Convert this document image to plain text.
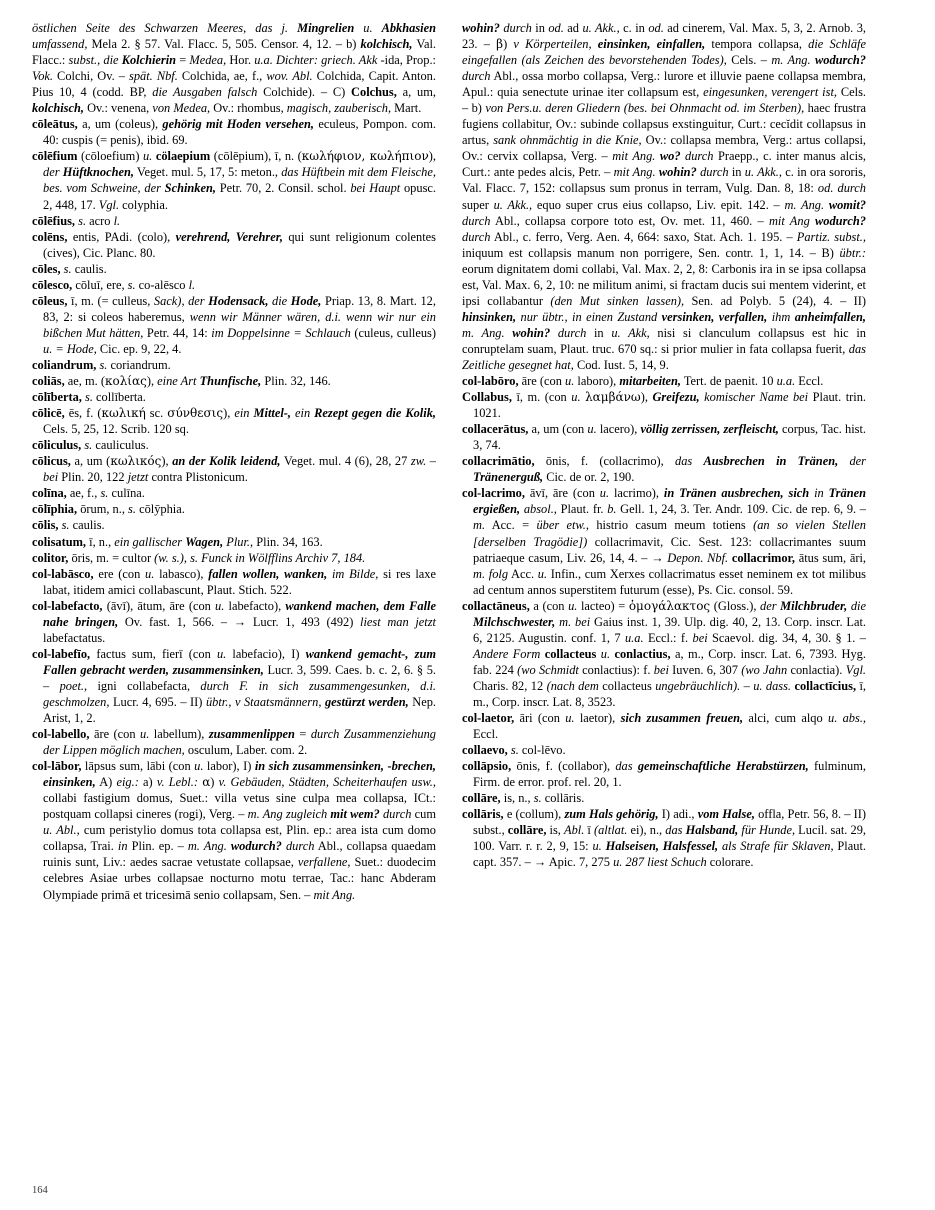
östlichen Seite des Schwarzen Meeres, das j. Mingrelien u. Abkhasien umfassend, Mela 2. § 57. Val. Flacc. 5, 505. Censor. 4, 12. – b) kolchisch, Val. Flacc.: subst., die Kolchierin = Medea, Hor. u.a. Dichter: griech. Akk -ida, Prop.: Vok. Colchi, Ov. – spät. Nbf. Colchida, ae, f., wov. Abl. Colchida, Capit. Anton. Pius 10, 4 (codd. BP, die Ausgaben falsch Colchide). – C) Colchus, a, um, kolchisch, Ov.: venena, von Medea, Ov.: rhombus, magisch, zauberisch, Mart.

cōleātus, a, um (coleus), gehörig mit Hoden versehen, eculeus, Pompon. com. 40: cuspis (= penis), ibid. 69.

cōlēfium (cōloefium) u. cölaepium (cōlēpium), ī, n. (κωλήφιον, κωλήπιον), der Hüftknochen, Veget. mul. 5, 17, 5: meton., das Hüftbein mit dem Fleische, bes. vom Schweine, der Schinken, Petr. 70, 2. Consil. schol. bei Haupt opusc. 2, 448, 17. Vgl. colyphia.

cōlēfius, s. acro l.

colēns, entis, PAdi. (colo), verehrend, Verehrer, qui sunt religionum colentes (cives), Cic. Planc. 80.

cōles, s. caulis.

cōlesco, cōluī, ere, s. co-alēsco l.

cōleus, ī, m. (= culleus, Sack), der Hodensack, die Hode, Priap. 13, 8. Mart. 12, 83, 2: si coleos haberemus, wenn wir Männer wären, d.i. wenn wir nur ein bißchen Mut hätten, Petr. 44, 14: im Doppelsinne = Schlauch (culeus, culleus) u. = Hode, Cic. ep. 9, 22, 4.

coliandrum, s. coriandrum.

coliās, ae, m. (κολίας), eine Art Thunfische, Plin. 32, 146.

cōlīberta, s. collīberta.

cōlicē, ēs, f. (κωλική sc. σύνθεσις), ein Mittel-, ein Rezept gegen die Kolik, Cels. 5, 25, 12. Scrib. 120 sq.

cōliculus, s. cauliculus.

cōlicus, a, um (κωλικός), an der Kolik leidend, Veget. mul. 4 (6), 28, 27 zw. – bei Plin. 20, 122 jetzt contra Plistonicum.

colīna, ae, f., s. culīna.

cōlīphia, ōrum, n., s. cōlȳphia.

cōlis, s. caulis.

colisatum, ī, n., ein gallischer Wagen, Plur., Plin. 34, 163.

colitor, ōris, m. = cultor (w. s.), s. Funck in Wölfflins Archiv 7, 184.

col-labāsco, ere (con u. labasco), fallen wollen, wanken, im Bilde, si res laxe labat, itidem amici collabascunt, Plaut. Stich. 522.

col-labefacto, (āvī), ātum, āre (con u. labefacto), wankend machen, dem Falle nahe bringen, Ov. fast. 1, 566. – → Lucr. 1, 493 (492) liest man jetzt labefactatus.

col-labefīo, factus sum, fierī (con u. labefacio), I) wankend gemacht-, zum Fallen gebracht werden, zusammensinken, Lucr. 3, 599. Caes. b. c. 2, 6. § 5. – poet., igni collabefacta, durch F. in sich zusammengesunken, d.i. geschmolzen, Lucr. 4, 695. – II) übtr., v Staatsmännern, gestürzt werden, Nep. Arist, 1, 2.

col-labello, āre (con u. labellum), zusammenlippen = durch Zusammenziehung der Lippen möglich machen, osculum, Laber. com. 2.

col-lābor, lāpsus sum, lābi (con u. labor), I) in sich zusammensinken, -brechen, einsinken, A) eig.: a) v. Lebl.: α) v. Gebäuden, Städten, Scheiterhaufen usw., collabi fastigium domus, Suet.: villa vetus sine culpa mea collapsa, ICt.: postquam collapsi cineres (rogi), Verg. – m. Ang zugleich mit wem? durch cum u. Abl., cum peristylio domus tota collapsa est, Plin. ep.: area ista cum domo collapsa, Trai. in Plin. ep. – m. Ang. wodurch? durch Abl., collapsa quaedam ruinis sunt, Liv.: aedes sacrae vetustate collapsae, verfallene, Suet.: duodecim celebres Asiae urbes collapsae nocturno motu terrae, Tac.: hanc Abderam Olympiade primā et tricesimā senio collapsam, Sen. – mit Ang.

wohin? durch in od. ad u. Akk., c. in od. ad cinerem, Val. Max. 5, 3, 2. Arnob. 3, 23. – β) v Körperteilen, einsinken, einfallen, tempora collapsa, die Schläfe eingefallen (als Zeichen des bevorstehenden Todes), Cels. – m. Ang. wodurch? durch Abl., ossa morbo collapsa, Verg.: lurore et illuvie paene collapsa membra, Apul.: quia senectute urinae iter collapsum est, eingesunken, verengert ist, Cels. – b) von Pers.u. deren Gliedern (bes. bei Ohnmacht od. im Sterben), haec frustra fugiens collabitur, Ov.: subinde collapsus exstinguitur, Curt.: cecĭdit collapsus in artus, sank ohnmächtig in die Knie, Ov.: collapsa membra, Verg.: artus collapsi, Ov.: cervix collapsa, Verg. – mit Ang. wo? durch Praepp., c. inter manus alcis, Curt.: ante pedes alcis, Petr. – mit Ang. wohin? durch in u. Akk., c. in ora sororis, Val. Flacc. 7, 152: collapsus sum pronus in terram, Vulg. Dan. 8, 18: od. durch super u. Akk., equo super crus eius collapso, Liv. epit. 142. – m. Ang. womit? durch Abl., collapsa corpore toto est, Ov. met. 11, 460. – mit Ang wodurch? durch Abl., c. ferro, Verg. Aen. 4, 664: saxo, Stat. Ach. 1. 195. – Partiz. subst., iniquum est collapsis manum non porrigere, Sen. contr. 1, 1, 14. – B) übtr.: eorum dignitatem domi collabi, Val. Max. 2, 2, 8: Carbonis ira in se ipsa collapsa est, Val. Max. 6, 2, 10: ne militum animi, si fractam ducis sui mentem viderint, et ipsi collabantur (den Mut sinken lassen), Sen. ad Polyb. 5 (24), 4. – II) hinsinken, nur übtr., in einen Zustand versinken, verfallen, ihm anheimfallen, m. Ang. wohin? durch in u. Akk, nisi si clanculum collapsus est hic in conruptelam suam, Plaut. truc. 670 sq.: si prior mulier in fata collapsa fuerit, das Zeitliche gesegnet hat, Cod. Iust. 5, 14, 9.

col-labōro, āre (con u. laboro), mitarbeiten, Tert. de paenit. 10 u.a. Eccl.

Collabus, ī, m. (con u. λαμβάνω), Greifezu, komischer Name bei Plaut. trin. 1021.

collacerātus, a, um (con u. lacero), völlig zerrissen, zerfleischt, corpus, Tac. hist. 3, 74.

collacrimātio, ōnis, f. (collacrimo), das Ausbrechen in Tränen, der Tränenerguß, Cic. de or. 2, 190.

col-lacrimo, āvī, āre (con u. lacrimo), in Tränen ausbrechen, sich in Tränen ergießen, absol., Plaut. fr. b. Gell. 1, 24, 3. Ter. Andr. 109. Cic. de rep. 6, 9. – m. Acc. = über etw., histrio casum meum totiens (an so vielen Stellen [derselben Tragödie]) collacrimavit, Cic. Sest. 123: collacrimantes suum patriaeque casum, Liv. 26, 14, 4. – → Depon. Nbf. collacrimor, ātus sum, āri, m. folg Acc. u. Infin., cum Xerxes collacrimatus esset neminem ex tot milibus ad centum annos superstitem futurum (esse), Ps. Cic. consol. 59.

collactāneus, a (con u. lacteo) = ὁμογάλακτος (Gloss.), der Milchbruder, die Milchschwester, m. bei Gaius inst. 1, 39. Ulp. dig. 40, 2, 13. Corp. inscr. Lat. 6, 2125. Augustin. conf. 1, 7 u.a. Eccl.: f. bei Scaevol. dig. 34, 4, 30. § 1. – Andere Form collacteus u. conlactius, a, m., Corp. inscr. Lat. 6, 7393. Hyg. fab. 224 (wo Schmidt conlactius): f. bei Iuven. 6, 307 (wo Jahn conlactia). Vgl. Charis. 82, 12 (nach dem collacteus ungebräuchlich). – u. dass. collactīcius, ī, m., Corp. inscr. Lat. 8, 3523.

col-laetor, āri (con u. laetor), sich zusammen freuen, alci, cum alqo u. abs., Eccl.

collaevo, s. col-lēvo.

collāpsio, ōnis, f. (collabor), das gemeinschaftliche Herabstürzen, fulminum, Firm. de error. prof. rel. 20, 1.

collāre, is, n., s. collāris.

collāris, e (collum), zum Hals gehörig, I) adi., vom Halse, offla, Petr. 56, 8. – II) subst., collāre, is, Abl. ī (altlat. ei), n., das Halsband, für Hunde, Lucil. sat. 29, 100. Varr. r. r. 2, 9, 15: u. Halseisen, Halsfessel, als Strafe für Sklaven, Plaut. capt. 357. – → Apic. 7, 275 u. 287 liest Schuch colorare.

164
